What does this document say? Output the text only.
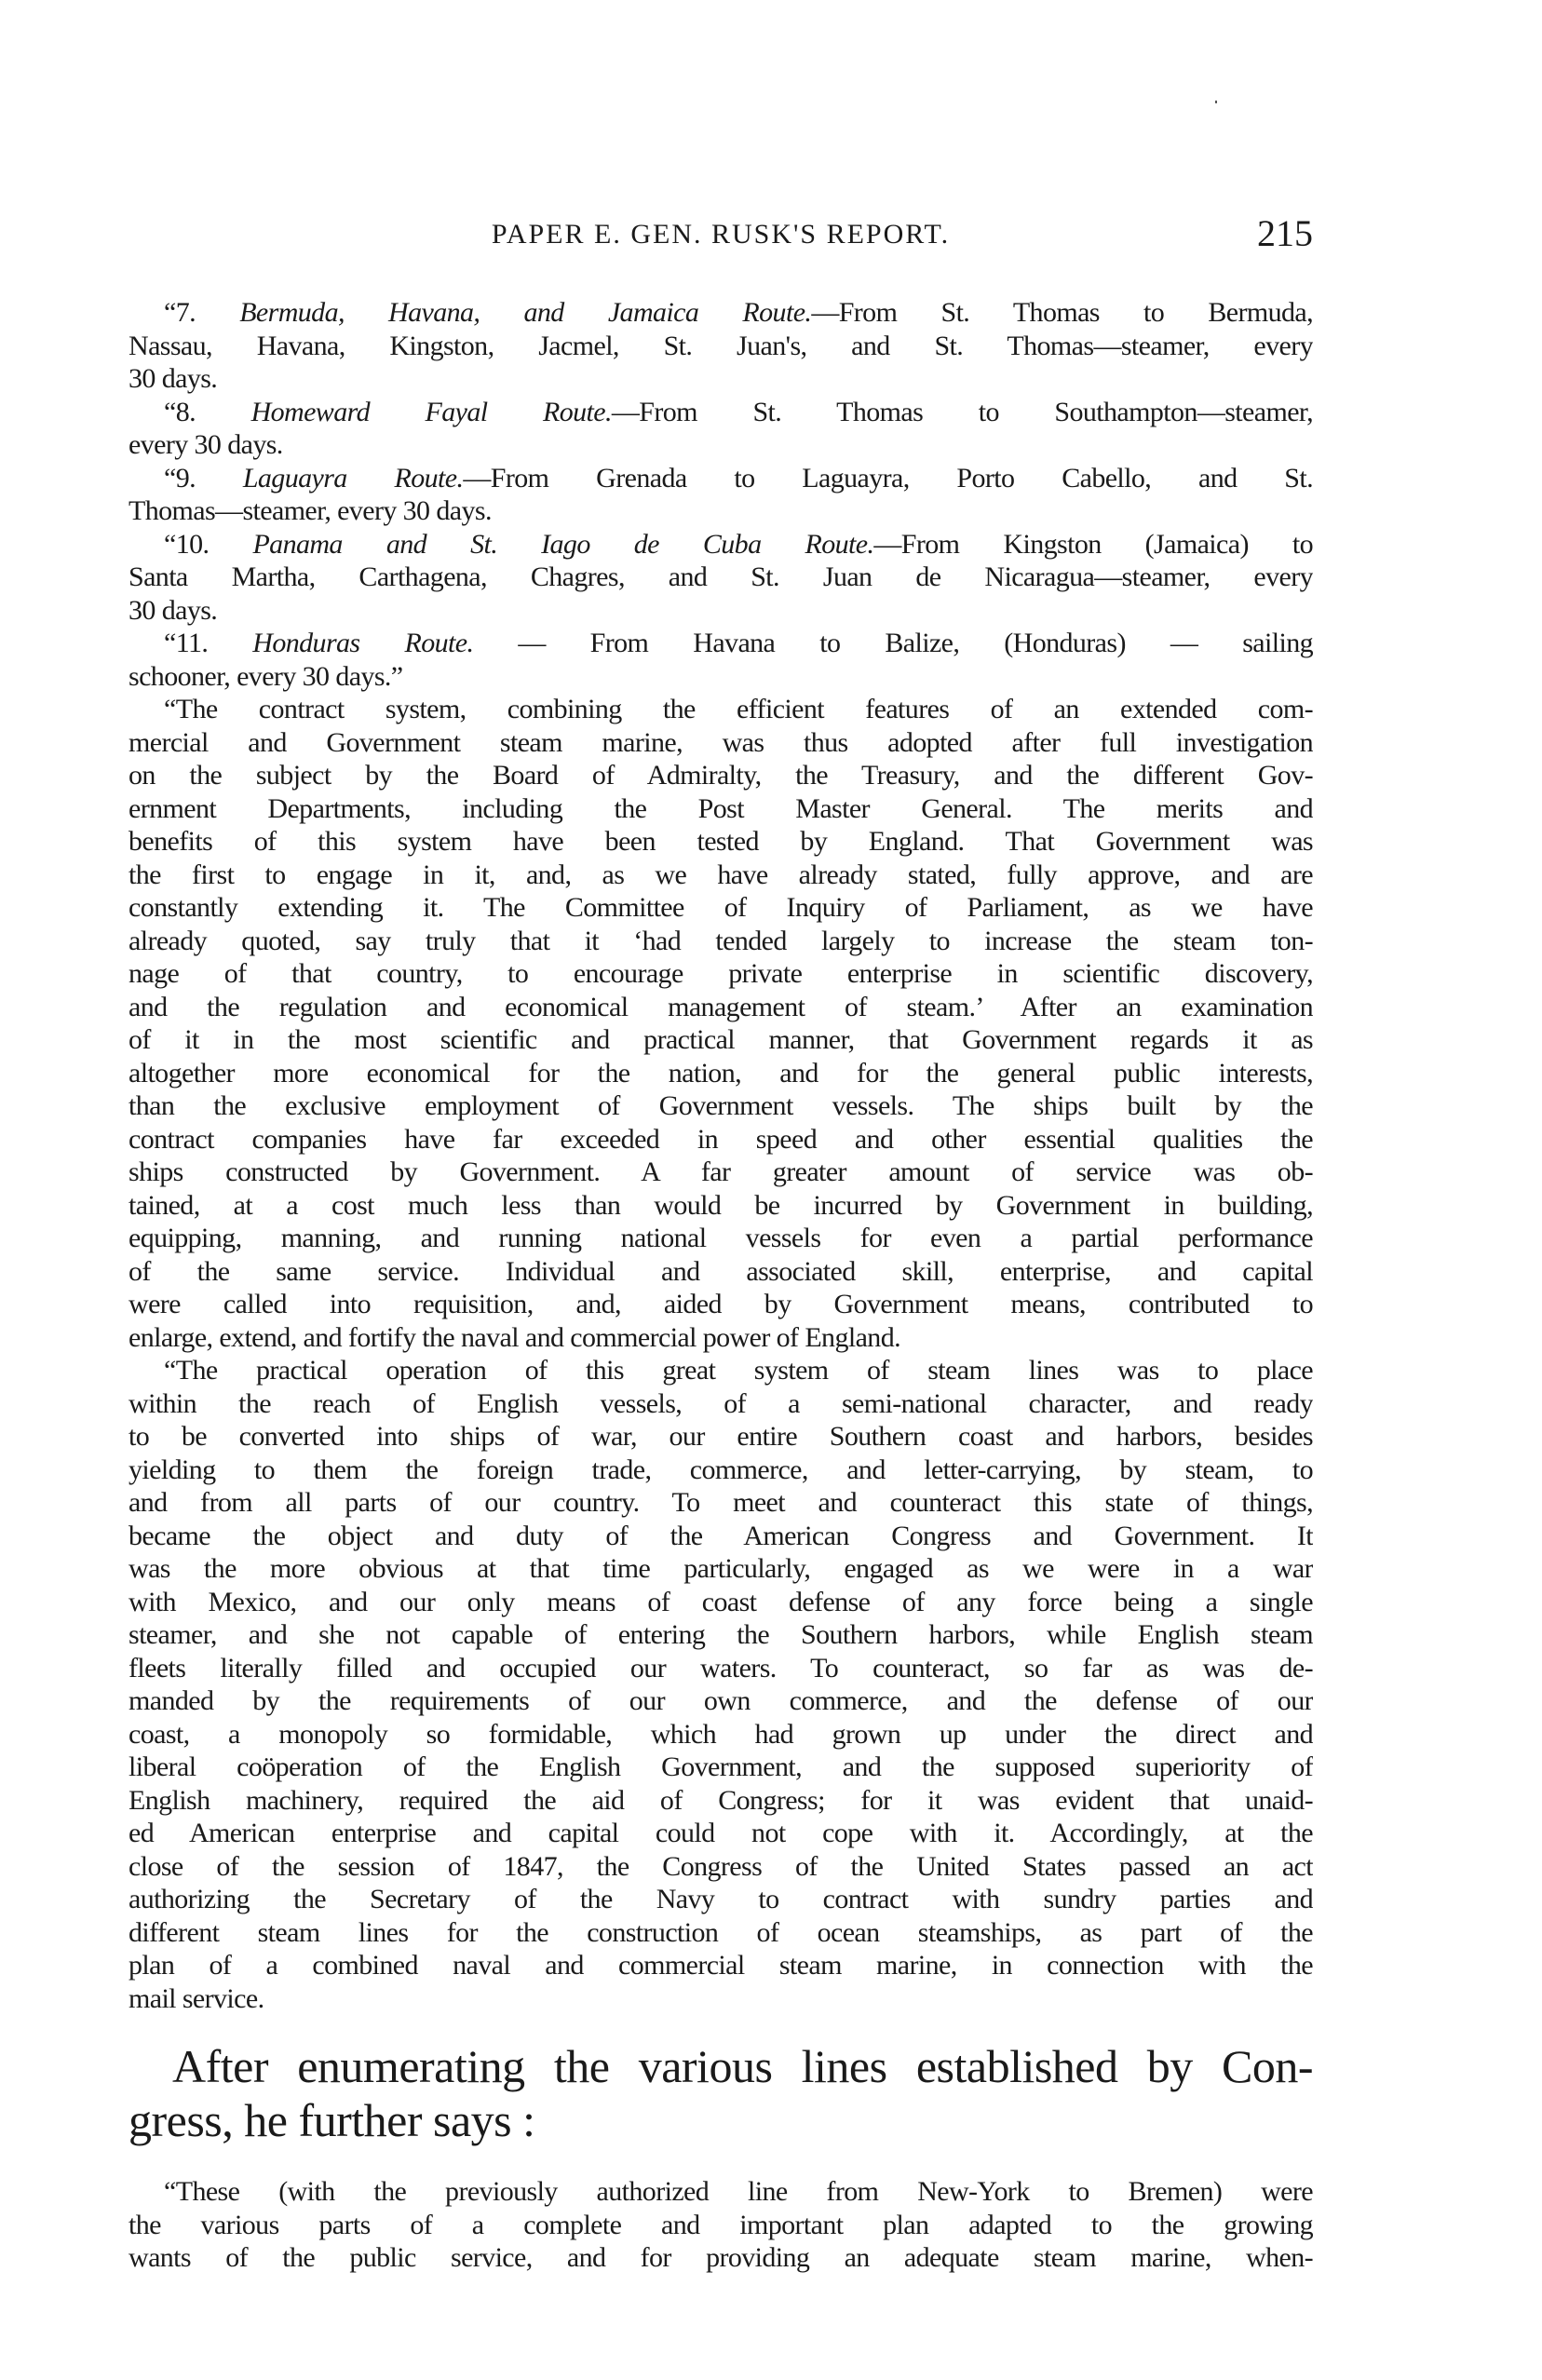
PAPER E. GEN. RUSK'S REPORT.	215
“7. Bermuda, Havana, and Jamaica Route.—From St. Thomas to Bermuda,
Nassau, Havana, Kingston, Jacmel, St. Juan's, and St. Thomas—steamer, every
30 days.
“8. Homeward Fayal Route.—From St. Thomas to Southampton—steamer,
every 30 days.
“9. Laguayra Route.—From Grenada to Laguayra, Porto Cabello, and St.
Thomas—steamer, every 30 days.
“10. Panama and St. Iago de Cuba Route.—From Kingston (Jamaica) to
Santa Martha, Carthagena, Chagres, and St. Juan de Nicaragua—steamer, every
30 days.
“11. Honduras Route. — From Havana to Balize, (Honduras) — sailing
schooner, every 30 days.”
“The contract system, combining the efficient features of an extended com-
mercial and Government steam marine, was thus adopted after full investigation
on the subject by the Board of Admiralty, the Treasury, and the different Gov-
ernment Departments, including the Post Master General. The merits and
benefits of this system have been tested by England. That Government was
the first to engage in it, and, as we have already stated, fully approve, and are
constantly extending it. The Committee of Inquiry of Parliament, as we have
already quoted, say truly that it ‘had tended largely to increase the steam ton-
nage of that country, to encourage private enterprise in scientific discovery,
and the regulation and economical management of steam.’ After an examination
of it in the most scientific and practical manner, that Government regards it as
altogether more economical for the nation, and for the general public interests,
than the exclusive employment of Government vessels. The ships built by the
contract companies have far exceeded in speed and other essential qualities the
ships constructed by Government. A far greater amount of service was ob-
tained, at a cost much less than would be incurred by Government in building,
equipping, manning, and running national vessels for even a partial performance
of the same service. Individual and associated skill, enterprise, and capital
were called into requisition, and, aided by Government means, contributed to
enlarge, extend, and fortify the naval and commercial power of England.
“The practical operation of this great system of steam lines was to place
within the reach of English vessels, of a semi-national character, and ready
to be converted into ships of war, our entire Southern coast and harbors, besides
yielding to them the foreign trade, commerce, and letter-carrying, by steam, to
and from all parts of our country. To meet and counteract this state of things,
became the object and duty of the American Congress and Government. It
was the more obvious at that time particularly, engaged as we were in a war
with Mexico, and our only means of coast defense of any force being a single
steamer, and she not capable of entering the Southern harbors, while English steam
fleets literally filled and occupied our waters. To counteract, so far as was de-
manded by the requirements of our own commerce, and the defense of our
coast, a monopoly so formidable, which had grown up under the direct and
liberal coöperation of the English Government, and the supposed superiority of
English machinery, required the aid of Congress; for it was evident that unaid-
ed American enterprise and capital could not cope with it. Accordingly, at the
close of the session of 1847, the Congress of the United States passed an act
authorizing the Secretary of the Navy to contract with sundry parties and
different steam lines for the construction of ocean steamships, as part of the
plan of a combined naval and commercial steam marine, in connection with the
mail service.
After enumerating the various lines established by Con-
gress, he further says :
“These (with the previously authorized line from New-York to Bremen) were
the various parts of a complete and important plan adapted to the growing
wants of the public service, and for providing an adequate steam marine, when-
